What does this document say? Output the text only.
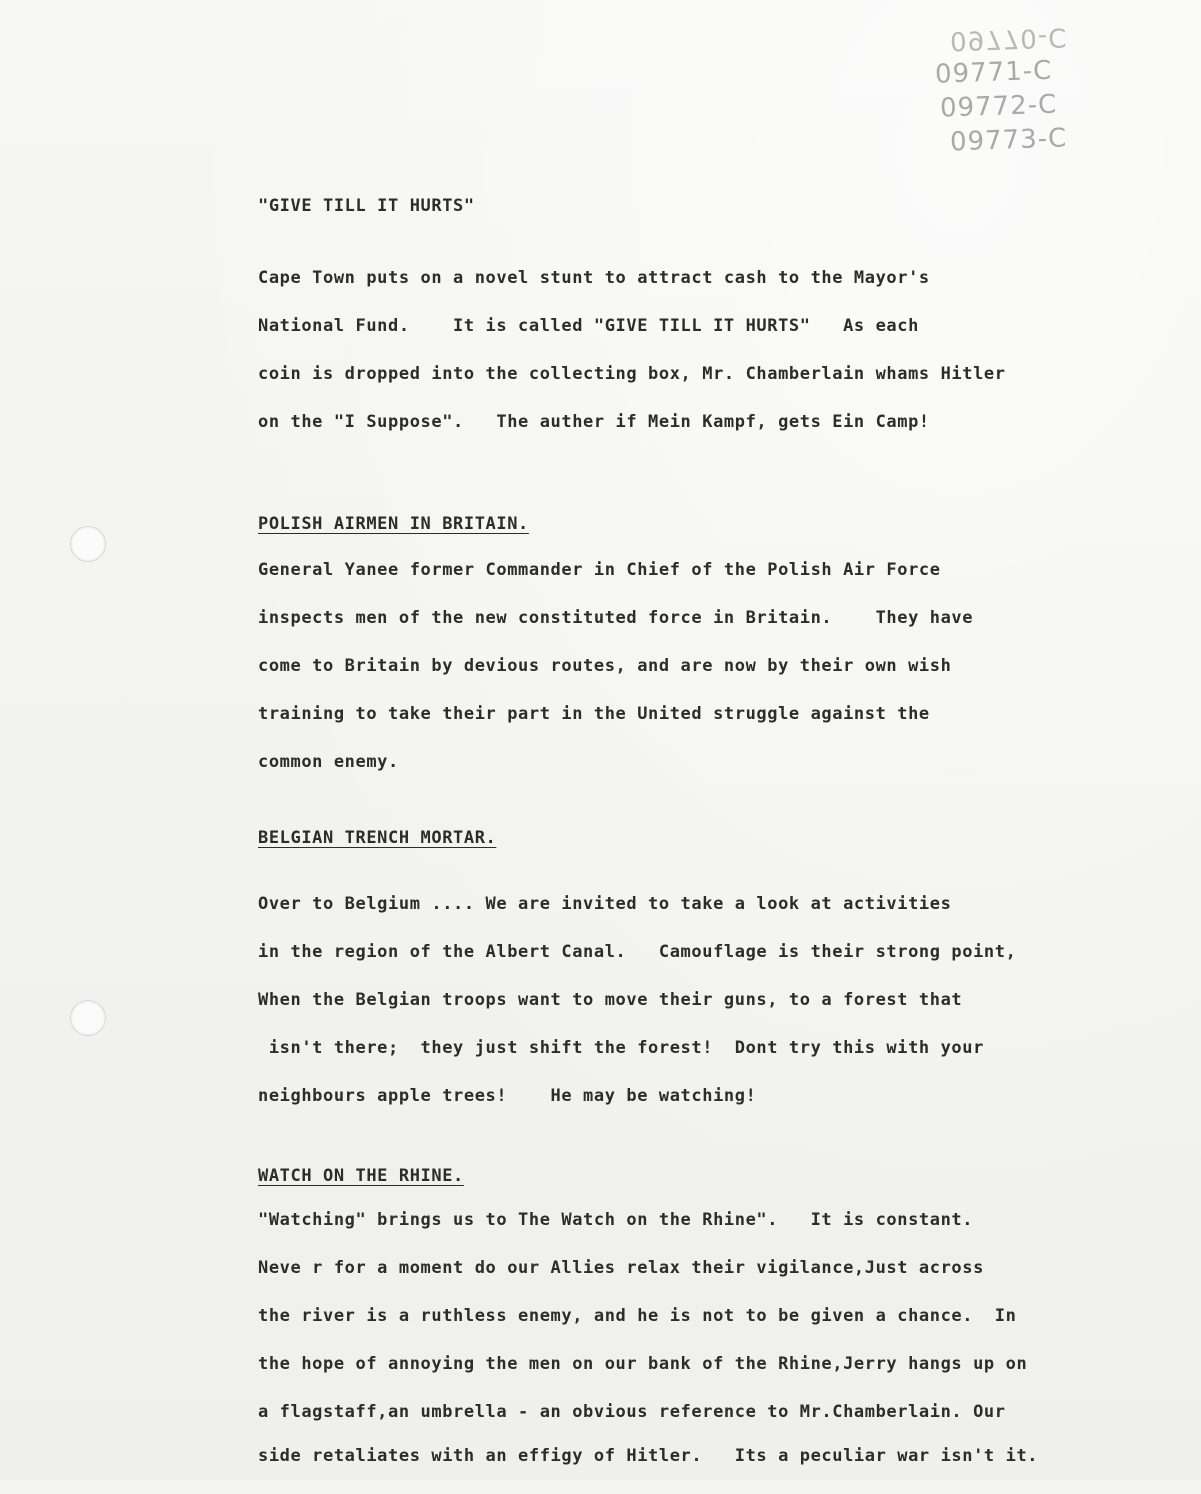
09770-C
09771-C
09772-C
09773-C
"GIVE TILL IT HURTS"
Cape Town puts on a novel stunt to attract cash to the Mayor's
National Fund.    It is called "GIVE TILL IT HURTS"   As each
coin is dropped into the collecting box, Mr. Chamberlain whams Hitler
on the "I Suppose".   The auther if Mein Kampf, gets Ein Camp!
POLISH AIRMEN IN BRITAIN.
General Yanee former Commander in Chief of the Polish Air Force
inspects men of the new constituted force in Britain.    They have
come to Britain by devious routes, and are now by their own wish
training to take their part in the United struggle against the
common enemy.
BELGIAN TRENCH MORTAR.
Over to Belgium .... We are invited to take a look at activities
in the region of the Albert Canal.   Camouflage is their strong point,
When the Belgian troops want to move their guns, to a forest that
isn't there;  they just shift the forest!  Dont try this with your
neighbours apple trees!    He may be watching!
WATCH ON THE RHINE.
"Watching" brings us to The Watch on the Rhine".   It is constant.
Neve r for a moment do our Allies relax their vigilance,Just across
the river is a ruthless enemy, and he is not to be given a chance.  In
the hope of annoying the men on our bank of the Rhine,Jerry hangs up on
a flagstaff,an umbrella - an obvious reference to Mr.Chamberlain. Our
side retaliates with an effigy of Hitler.   Its a peculiar war isn't it.
